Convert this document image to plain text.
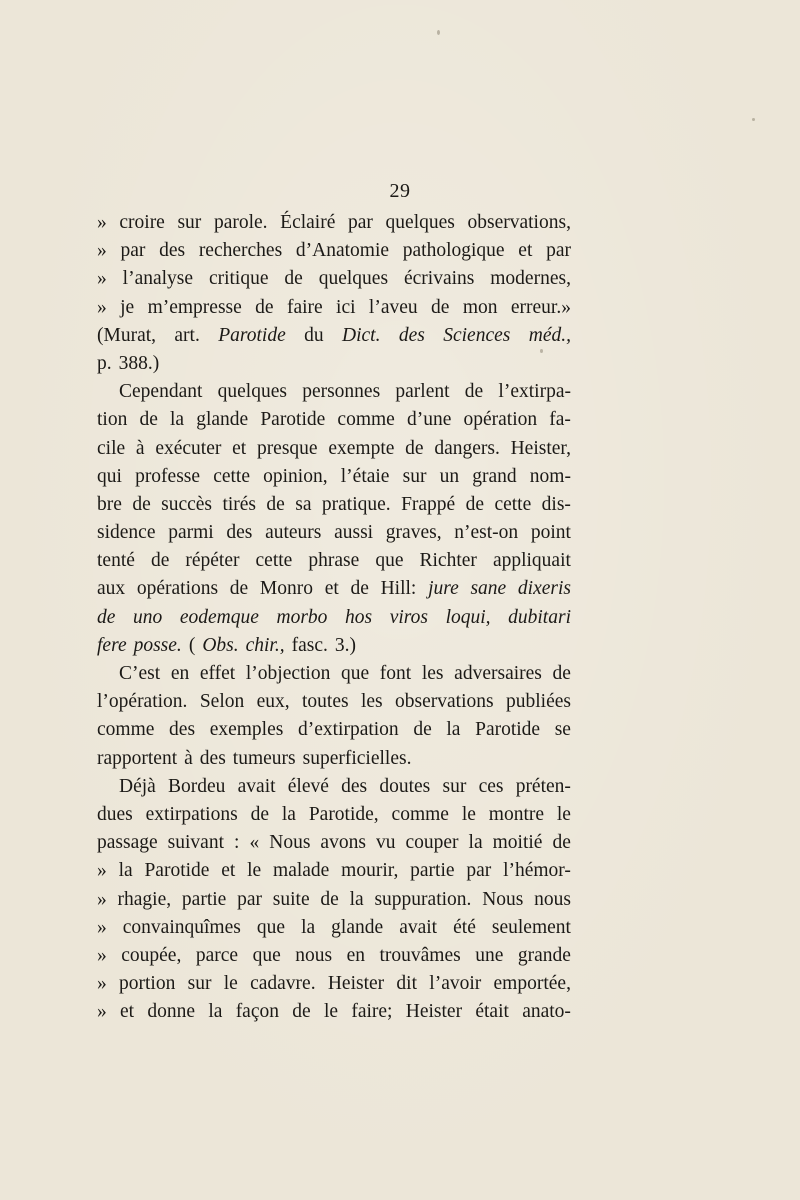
29
» croire sur parole. Éclairé par quelques observations,
» par des recherches d’Anatomie pathologique et par
» l’analyse critique de quelques écrivains modernes,
» je m’empresse de faire ici l’aveu de mon erreur.»
(Murat, art. Parotide du Dict. des Sciences méd.,
p. 388.)
Cependant quelques personnes parlent de l’extirpa-
tion de la glande Parotide comme d’une opération fa-
cile à exécuter et presque exempte de dangers. Heister,
qui professe cette opinion, l’étaie sur un grand nom-
bre de succès tirés de sa pratique. Frappé de cette dis-
sidence parmi des auteurs aussi graves, n’est-on point
tenté de répéter cette phrase que Richter appliquait
aux opérations de Monro et de Hill: jure sane dixeris
de uno eodemque morbo hos viros loqui, dubitari
fere posse. ( Obs. chir., fasc. 3.)
C’est en effet l’objection que font les adversaires de
l’opération. Selon eux, toutes les observations publiées
comme des exemples d’extirpation de la Parotide se
rapportent à des tumeurs superficielles.
Déjà Bordeu avait élevé des doutes sur ces préten-
dues extirpations de la Parotide, comme le montre le
passage suivant : « Nous avons vu couper la moitié de
» la Parotide et le malade mourir, partie par l’hémor-
» rhagie, partie par suite de la suppuration. Nous nous
» convainquîmes que la glande avait été seulement
» coupée, parce que nous en trouvâmes une grande
» portion sur le cadavre. Heister dit l’avoir emportée,
» et donne la façon de le faire; Heister était anato-
